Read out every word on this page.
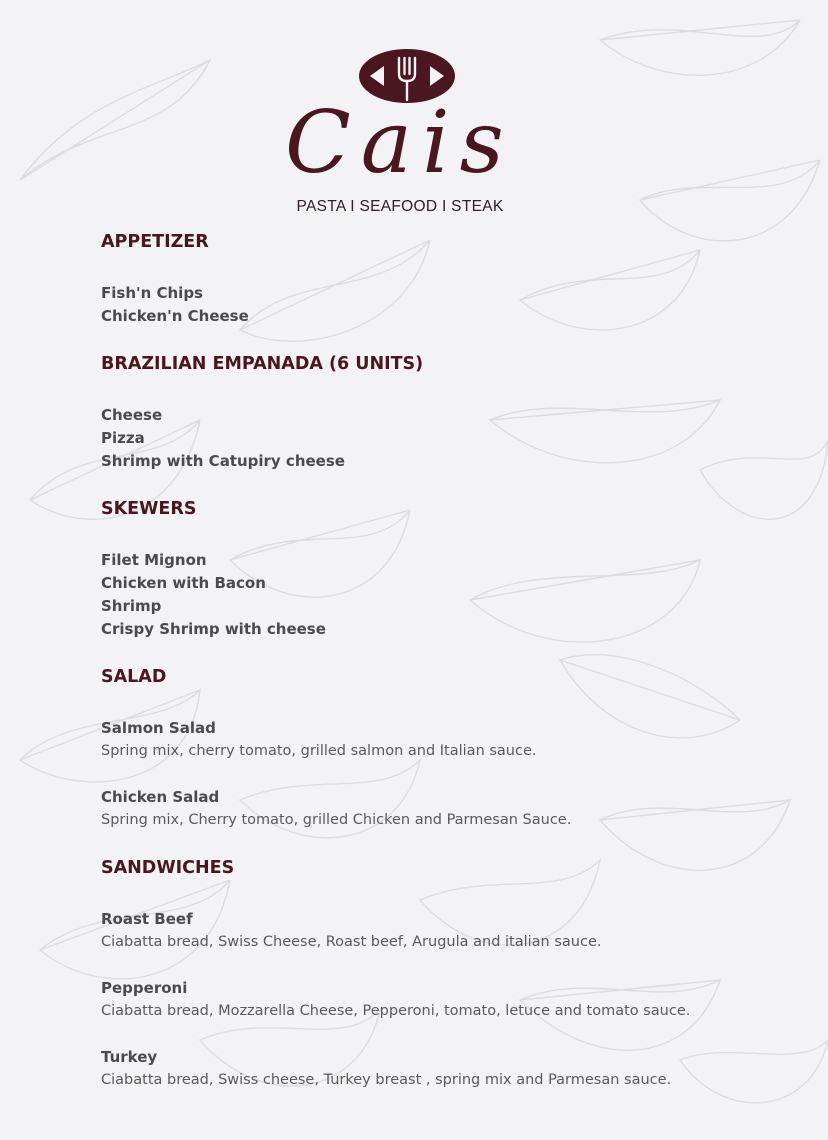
Cais
PASTA I SEAFOOD I STEAK
APPETIZER
Fish'n Chips
Chicken'n Cheese
BRAZILIAN EMPANADA (6 UNITS)
Cheese
Pizza
Shrimp with Catupiry cheese
SKEWERS
Filet Mignon
Chicken with Bacon
Shrimp
Crispy Shrimp with cheese
SALAD
Salmon Salad
Spring mix, cherry tomato, grilled salmon and Italian sauce.
Chicken Salad
Spring mix, Cherry tomato, grilled Chicken and Parmesan Sauce.
SANDWICHES
Roast Beef
Ciabatta bread, Swiss Cheese, Roast beef, Arugula and italian sauce.
Pepperoni
Ciabatta bread, Mozzarella Cheese, Pepperoni, tomato, letuce and tomato sauce.
Turkey
Ciabatta bread, Swiss cheese, Turkey breast , spring mix and Parmesan sauce.
